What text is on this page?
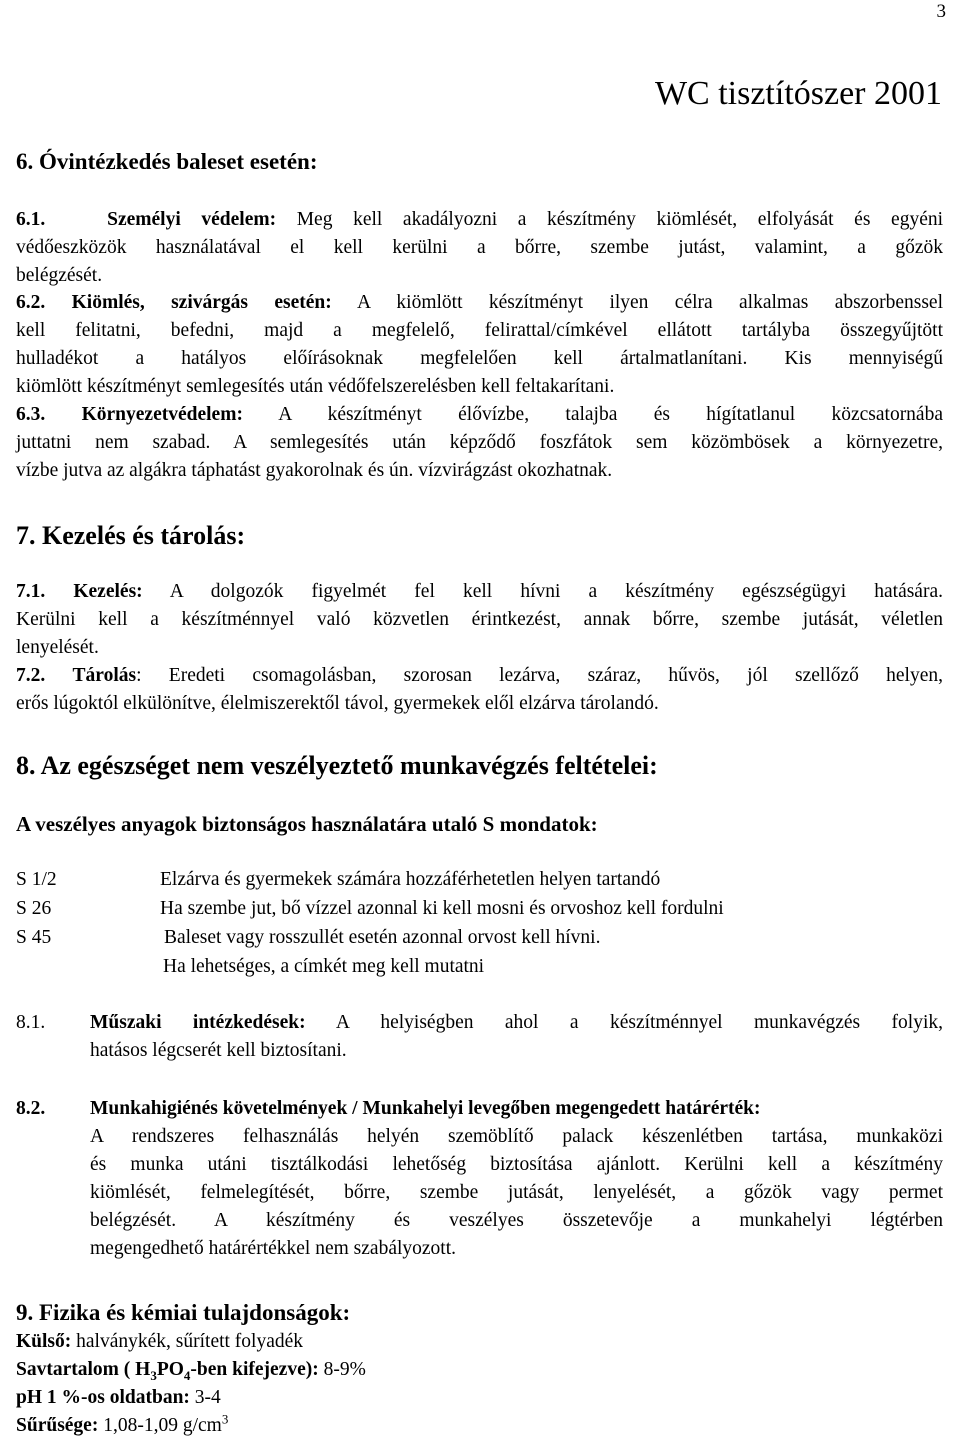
3
WC tisztítószer 2001
6. Óvintézkedés baleset esetén:
6.1.	Személyi védelem: Meg kell akadályozni a készítmény kiömlését, elfolyását és egyéni
védőeszközök használatával el kell kerülni a bőrre, szembe jutást, valamint, a gőzök
belégzését.
6.2. Kiömlés, szivárgás esetén: A kiömlött készítményt ilyen célra alkalmas abszorbenssel
kell felitatni, befedni, majd a megfelelő, felirattal/címkével ellátott tartályba összegyűjtött
hulladékot a hatályos előírásoknak megfelelően kell ártalmatlanítani. Kis mennyiségű
kiömlött készítményt semlegesítés után védőfelszerelésben kell feltakarítani.
6.3. Környezetvédelem: A készítményt élővízbe, talajba és hígítatlanul közcsatornába
juttatni nem szabad. A semlegesítés után képződő foszfátok sem közömbösek a környezetre,
vízbe jutva az algákra táphatást gyakorolnak és ún. vízvirágzást okozhatnak.
7. Kezelés és tárolás:
7.1. Kezelés: A dolgozók figyelmét fel kell hívni a készítmény egészségügyi hatására.
Kerülni kell a készítménnyel való közvetlen érintkezést, annak bőrre, szembe jutását, véletlen
lenyelését.
7.2. Tárolás: Eredeti csomagolásban, szorosan lezárva, száraz, hűvös, jól szellőző helyen,
erős lúgoktól elkülönítve, élelmiszerektől távol, gyermekek elől elzárva tárolandó.
8. Az egészséget nem veszélyeztető munkavégzés feltételei:
A veszélyes anyagok biztonságos használatára utaló S mondatok:
S 1/2	Elzárva és gyermekek számára hozzáférhetetlen helyen tartandó
S 26	Ha szembe jut, bő vízzel azonnal ki kell mosni és orvoshoz kell fordulni
S 45	Baleset vagy rosszullét esetén azonnal orvost kell hívni.
Ha lehetséges, a címkét meg kell mutatni
8.1. Műszaki intézkedések: A helyiségben ahol a készítménnyel munkavégzés folyik,
hatásos légcserét kell biztosítani.
8.2. Munkahigiénés követelmények / Munkahelyi levegőben megengedett határérték:
A rendszeres felhasználás helyén szemöblítő palack készenlétben tartása, munkaközi
és munka utáni tisztálkodási lehetőség biztosítása ajánlott. Kerülni kell a készítmény
kiömlését, felmelegítését, bőrre, szembe jutását, lenyelését, a gőzök vagy permet
belégzését. A készítmény és veszélyes összetevője a munkahelyi légtérben
megengedhető határértékkel nem szabályozott.
9. Fizika és kémiai tulajdonságok:
Külső: halványkék, sűrített folyadék
Savtartalom ( $H_3PO_4$-ben kifejezve): 8-9%
pH 1 %-os oldatban: 3-4
Sűrűsége: 1,08-1,09 $g/cm^3$
